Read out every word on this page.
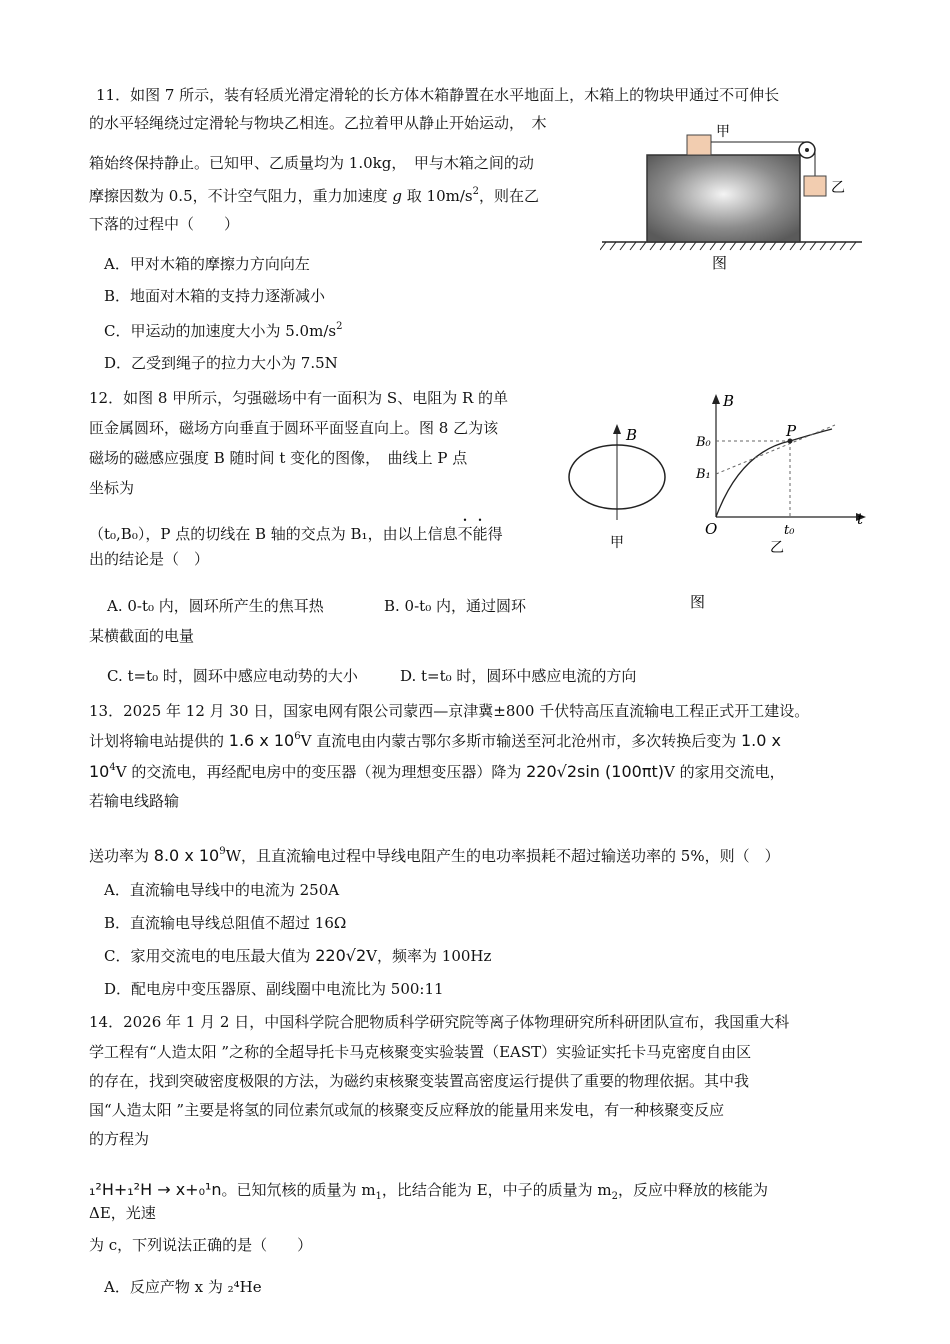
11．如图 7 所示，装有轻质光滑定滑轮的长方体木箱静置在水平地面上，木箱上的物块甲通过不可伸长
的水平轻绳绕过定滑轮与物块乙相连。乙拉着甲从静止开始运动，　木
箱始终保持静止。已知甲、乙质量均为 1.0kg，　甲与木箱之间的动
摩擦因数为 0.5，不计空气阻力，重力加速度 g 取 $10m/s^2$，则在乙
下落的过程中（　　）
A．甲对木箱的摩擦力方向向左
B．地面对木箱的支持力逐渐减小
C．甲运动的加速度大小为 $5.0m/s^2$
D．乙受到绳子的拉力大小为 7.5N
甲
乙
图
12．如图 8 甲所示，匀强磁场中有一面积为 S、电阻为 R 的单
匝金属圆环，磁场方向垂直于圆环平面竖直向上。图 8 乙为该
磁场的磁感应强度 B 随时间 t 变化的图像，　曲线上 P 点
坐标为
（t₀,B₀），P 点的切线在 B 轴的交点为 B₁，由以上信息不能得
出的结论是（　）
A. 0-t₀ 内，圆环所产生的焦耳热	B. 0-t₀ 内，通过圆环
某横截面的电量
C. t=t₀ 时，圆环中感应电动势的大小	D. t=t₀ 时，圆环中感应电流的方向
B
甲
B
t
O
P
B₀
B₁
t₀
乙
图
13．2025 年 12 月 30 日，国家电网有限公司蒙西—京津冀±800 千伏特高压直流输电工程正式开工建设。
计划将输电站提供的 1.6 x $10^6V$ 直流电由内蒙古鄂尔多斯市输送至河北沧州市，多次转换后变为 1.0 x
$10^4V$ 的交流电，再经配电房中的变压器（视为理想变压器）降为 220√2sin (100πt)V 的家用交流电，
若输电线路输
送功率为 8.0 x $10^9W$，且直流输电过程中导线电阻产生的电功率损耗不超过输送功率的 5%，则（　）
A．直流输电导线中的电流为 250A
B．直流输电导线总阻值不超过 16Ω
C．家用交流电的电压最大值为 220√2V，频率为 100Hz
D．配电房中变压器原、副线圈中电流比为 500:11
14．2026 年 1 月 2 日，中国科学院合肥物质科学研究院等离子体物理研究所科研团队宣布，我国重大科
学工程有“人造太阳 ”之称的全超导托卡马克核聚变实验装置（EAST）实验证实托卡马克密度自由区
的存在，找到突破密度极限的方法，为磁约束核聚变装置高密度运行提供了重要的物理依据。其中我
国“人造太阳 ”主要是将氢的同位素氘或氚的核聚变反应释放的能量用来发电，有一种核聚变反应
的方程为
₁²H+₁²H → x+₀¹n。已知氘核的质量为 $m_1$，比结合能为 E，中子的质量为 $m_2$，反应中释放的核能为
ΔE，光速
为 c，下列说法正确的是（　　）
A．反应产物 x 为 ₂⁴He
